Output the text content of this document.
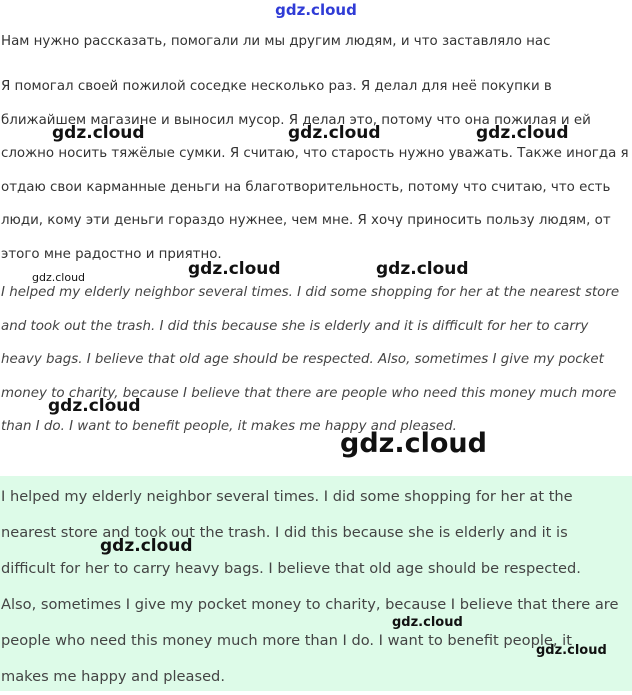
gdz.cloud
Нам нужно рассказать, помогали ли мы другим людям, и что заставляло нас
Я помогал своей пожилой соседке несколько раз. Я делал для неё покупки в ближайшем магазине и выносил мусор. Я делал это, потому что она пожилая и ей сложно носить тяжёлые сумки. Я считаю, что старость нужно уважать. Также иногда я отдаю свои карманные деньги на благотворительность, потому что считаю, что есть люди, кому эти деньги гораздо нужнее, чем мне. Я хочу приносить пользу людям, от этого мне радостно и приятно.
I helped my elderly neighbor several times. I did some shopping for her at the nearest store and took out the trash. I did this because she is elderly and it is difficult for her to carry heavy bags. I believe that old age should be respected. Also, sometimes I give my pocket money to charity, because I believe that there are people who need this money much more than I do. I want to benefit people, it makes me happy and pleased.
I helped my elderly neighbor several times. I did some shopping for her at the nearest store and took out the trash. I did this because she is elderly and it is difficult for her to carry heavy bags. I believe that old age should be respected. Also, sometimes I give my pocket money to charity, because I believe that there are people who need this money much more than I do. I want to benefit people, it makes me happy and pleased.
gdz.cloud	gdz.cloud	gdz.cloud
gdz.cloud	gdz.cloud	gdz.cloud
gdz.cloud
gdz.cloud
gdz.cloud
gdz.cloud
gdz.cloud
